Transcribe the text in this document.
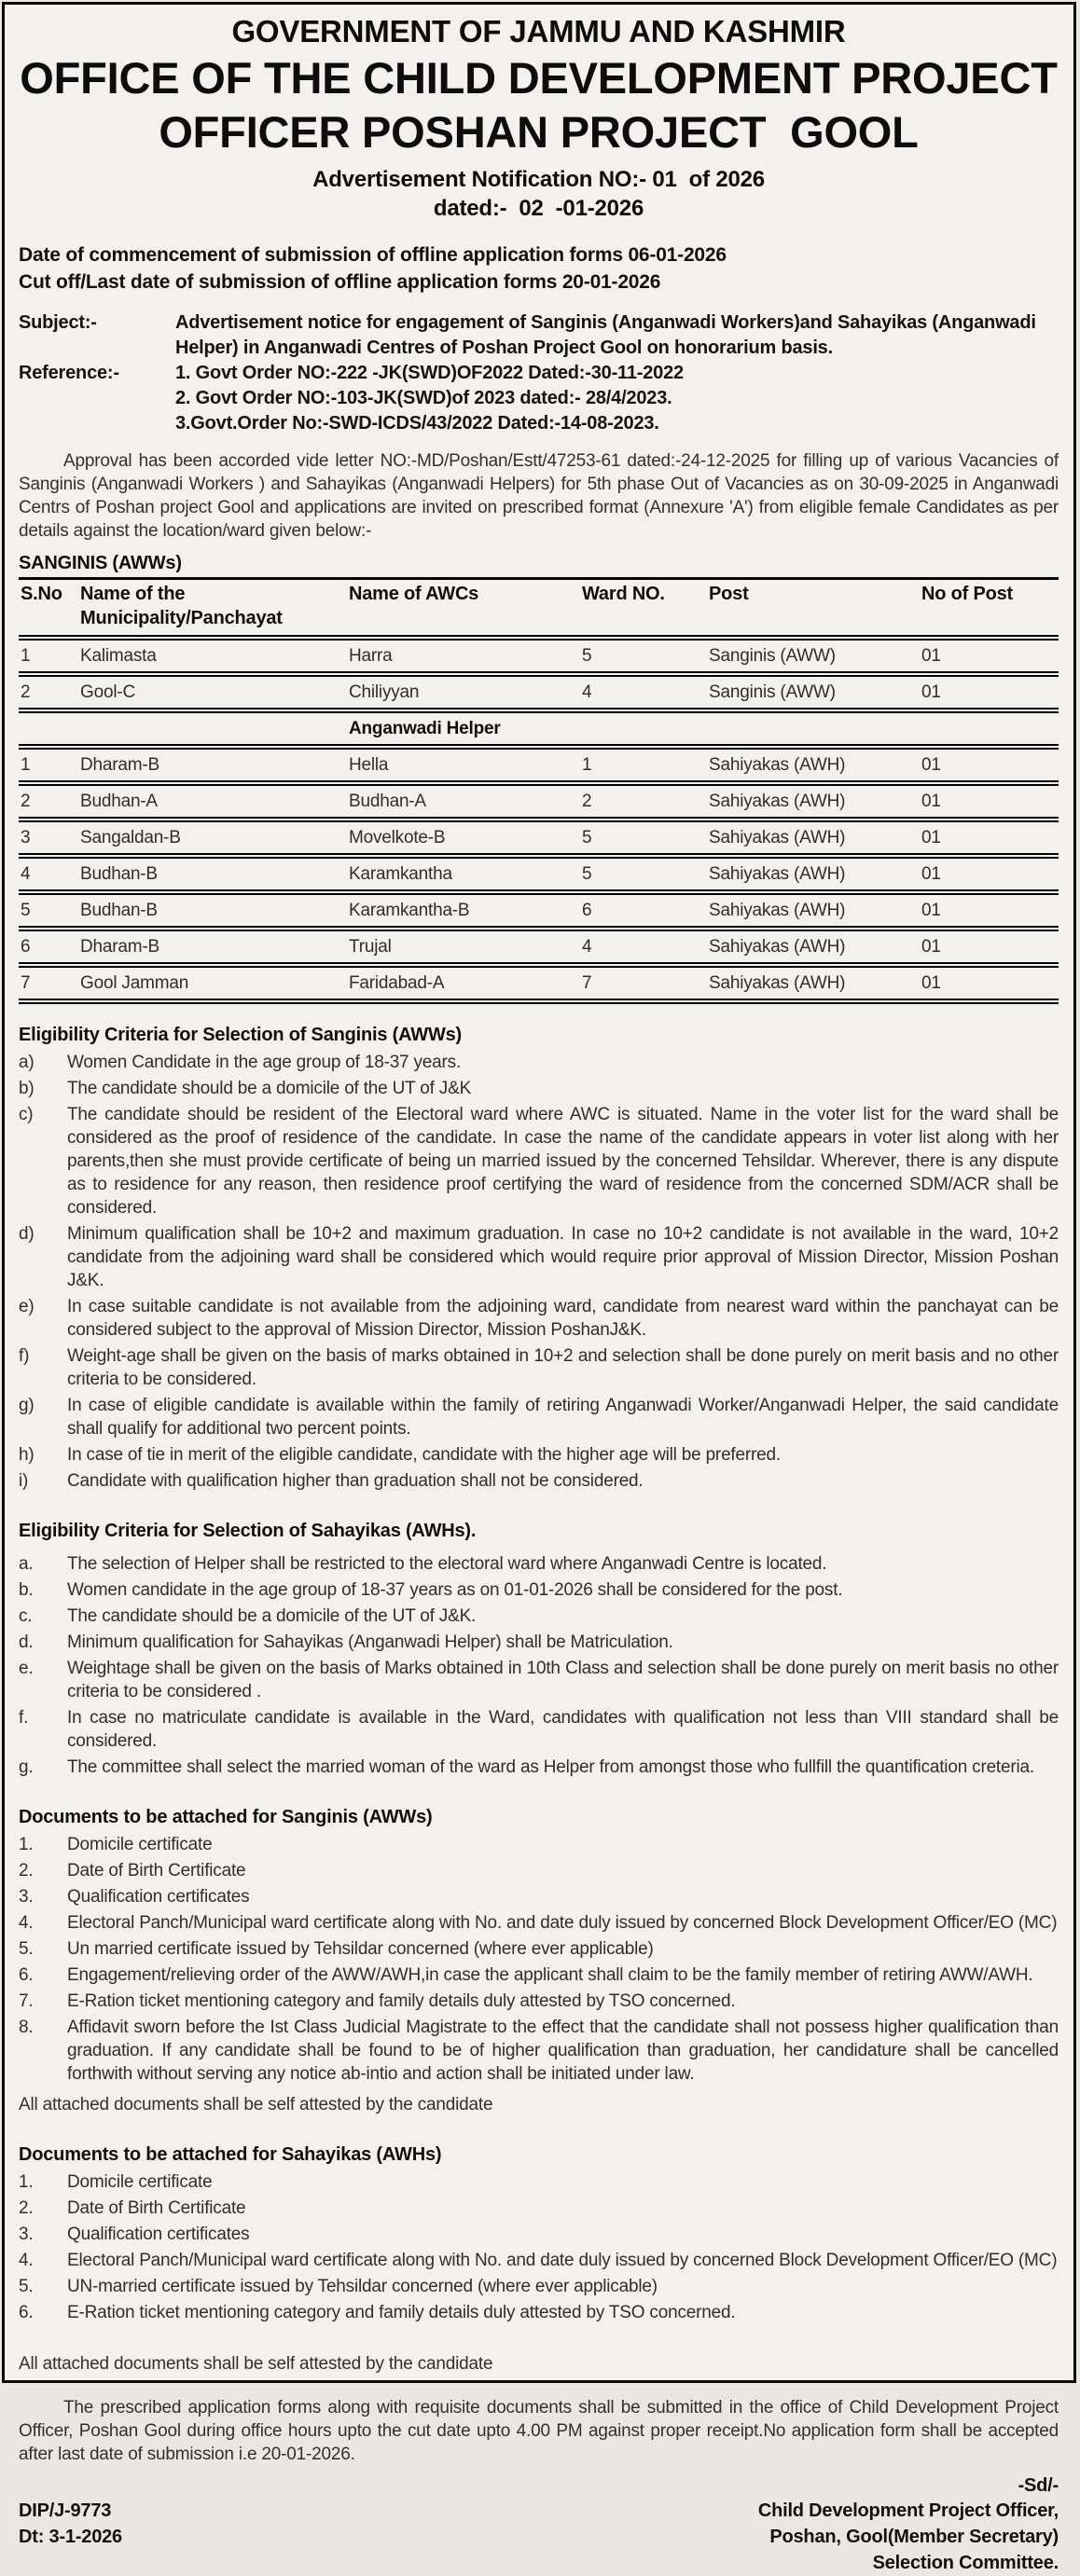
GOVERNMENT OF JAMMU AND KASHMIR
OFFICE OF THE CHILD DEVELOPMENT PROJECT
OFFICER POSHAN PROJECT  GOOL
Advertisement Notification NO:- 01  of 2026
dated:-  02  -01-2026
Date of commencement of submission of offline application forms 06-01-2026
Cut off/Last date of submission of offline application forms 20-01-2026
Subject:-	Advertisement notice for engagement of Sanginis (Anganwadi Workers)and Sahayikas (Anganwadi Helper) in Anganwadi Centres of Poshan Project Gool on honorarium basis.
Reference:-	1. Govt Order NO:-222 -JK(SWD)OF2022 Dated:-30-11-2022
2. Govt Order NO:-103-JK(SWD)of 2023 dated:- 28/4/2023.
3.Govt.Order No:-SWD-ICDS/43/2022 Dated:-14-08-2023.

Approval has been accorded vide letter NO:-MD/Poshan/Estt/47253-61 dated:-24-12-2025 for filling up of various Vacancies of Sanginis (Anganwadi Workers ) and Sahayikas (Anganwadi Helpers) for 5th phase Out of Vacancies as on 30-09-2025 in Anganwadi Centrs of Poshan project Gool and applications are invited on prescribed format (Annexure 'A') from eligible female Candidates as per details against the location/ward given below:-

SANGINIS (AWWs)
S.No	Name of the Municipality/Panchayat	Name of AWCs	Ward NO.	Post	No of Post
1	Kalimasta	Harra	5	Sanginis (AWW)	01
2	Gool-C	Chiliyyan	4	Sanginis (AWW)	01
		Anganwadi Helper			
1	Dharam-B	Hella	1	Sahiyakas (AWH)	01
2	Budhan-A	Budhan-A	2	Sahiyakas (AWH)	01
3	Sangaldan-B	Movelkote-B	5	Sahiyakas (AWH)	01
4	Budhan-B	Karamkantha	5	Sahiyakas (AWH)	01
5	Budhan-B	Karamkantha-B	6	Sahiyakas (AWH)	01
6	Dharam-B	Trujal	4	Sahiyakas (AWH)	01
7	Gool Jamman	Faridabad-A	7	Sahiyakas (AWH)	01
Eligibility Criteria for Selection of Sanginis (AWWs)
a)	Women Candidate in the age group of 18-37 years.
b)	The candidate should be a domicile of the UT of J&K
c)	The candidate should be resident of the Electoral ward where AWC is situated. Name in the voter list for the ward shall be considered as the proof of residence of the candidate. In case the name of the candidate appears in voter list along with her parents,then she must provide certificate of being un married issued by the concerned Tehsildar. Wherever, there is any dispute as to residence for any reason, then residence proof certifying the ward of residence from the concerned SDM/ACR shall be considered.
d)	Minimum qualification shall be 10+2 and maximum graduation. In case no 10+2 candidate is not available in the ward, 10+2 candidate from the adjoining ward shall be considered which would require prior approval of Mission Director, Mission Poshan J&K.
e)	In case suitable candidate is not available from the adjoining ward, candidate from nearest ward within the panchayat can be considered subject to the approval of Mission Director, Mission PoshanJ&K.
f)	Weight-age shall be given on the basis of marks obtained in 10+2 and selection shall be done purely on merit basis and no other criteria to be considered.
g)	In case of eligible candidate is available within the family of retiring Anganwadi Worker/Anganwadi Helper, the said candidate shall qualify for additional two percent points.
h)	In case of tie in merit of the eligible candidate, candidate with the higher age will be preferred.
i)	Candidate with qualification higher than graduation shall not be considered.
Eligibility Criteria for Selection of Sahayikas (AWHs).
a.	The selection of Helper shall be restricted to the electoral ward where Anganwadi Centre is located.
b.	Women candidate in the age group of 18-37 years as on 01-01-2026 shall be considered for the post.
c.	The candidate should be a domicile of the UT of J&K.
d.	Minimum qualification for Sahayikas (Anganwadi Helper) shall be Matriculation.
e.	Weightage shall be given on the basis of Marks obtained in 10th Class and selection shall be done purely on merit basis no other criteria to be considered .
f.	In case no matriculate candidate is available in the Ward, candidates with qualification not less than VIII standard shall be considered.
g.	The committee shall select the married woman of the ward as Helper from amongst those who fullfill the quantification creteria.
Documents to be attached for Sanginis (AWWs)
1.	Domicile certificate
2.	Date of Birth Certificate
3.	Qualification certificates
4.	Electoral Panch/Municipal ward certificate along with No. and date duly issued by concerned Block Development Officer/EO (MC)
5.	Un married certificate issued by Tehsildar concerned (where ever applicable)
6.	Engagement/relieving order of the AWW/AWH,in case the applicant shall claim to be the family member of retiring AWW/AWH.
7.	E-Ration ticket mentioning category and family details duly attested by TSO concerned.
8.	Affidavit sworn before the Ist Class Judicial Magistrate to the effect that the candidate shall not possess higher qualification than graduation. If any candidate shall be found to be of higher qualification than graduation, her candidature shall be cancelled forthwith without serving any notice ab-intio and action shall be initiated under law.
All attached documents shall be self attested by the candidate
Documents to be attached for Sahayikas (AWHs)
1.	Domicile certificate
2.	Date of Birth Certificate
3.	Qualification certificates
4.	Electoral Panch/Municipal ward certificate along with No. and date duly issued by concerned Block Development Officer/EO (MC)
5.	UN-married certificate issued by Tehsildar concerned (where ever applicable)
6.	E-Ration ticket mentioning category and family details duly attested by TSO concerned.
All attached documents shall be self attested by the candidate

The prescribed application forms along with requisite documents shall be submitted in the office of Child Development Project Officer, Poshan Gool during office hours upto the cut date upto 4.00 PM against proper receipt.No application form shall be accepted after last date of submission i.e 20-01-2026.

-Sd/-
DIP/J-9773
Dt: 3-1-2026
Child Development Project Officer,
Poshan, Gool(Member Secretary)
Selection Committee.
